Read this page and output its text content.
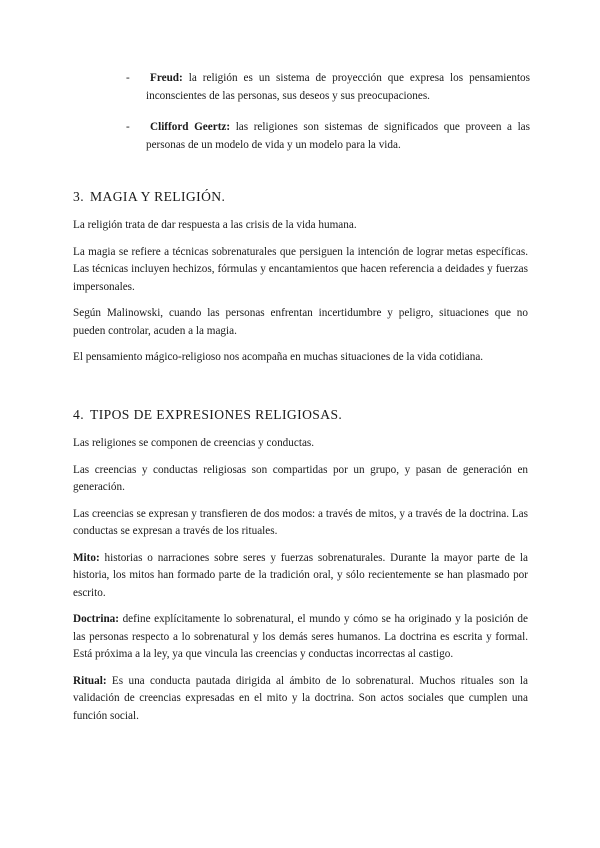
- Freud: la religión es un sistema de proyección que expresa los pensamientos inconscientes de las personas, sus deseos y sus preocupaciones.
- Clifford Geertz: las religiones son sistemas de significados que proveen a las personas de un modelo de vida y un modelo para la vida.
3. MAGIA Y RELIGIÓN.

La religión trata de dar respuesta a las crisis de la vida humana.

La magia se refiere a técnicas sobrenaturales que persiguen la intención de lograr metas específicas. Las técnicas incluyen hechizos, fórmulas y encantamientos que hacen referencia a deidades y fuerzas impersonales.

Según Malinowski, cuando las personas enfrentan incertidumbre y peligro, situaciones que no pueden controlar, acuden a la magia.

El pensamiento mágico-religioso nos acompaña en muchas situaciones de la vida cotidiana.

4. TIPOS DE EXPRESIONES RELIGIOSAS.

Las religiones se componen de creencias y conductas.

Las creencias y conductas religiosas son compartidas por un grupo, y pasan de generación en generación.

Las creencias se expresan y transfieren de dos modos: a través de mitos, y a través de la doctrina. Las conductas se expresan a través de los rituales.

Mito: historias o narraciones sobre seres y fuerzas sobrenaturales. Durante la mayor parte de la historia, los mitos han formado parte de la tradición oral, y sólo recientemente se han plasmado por escrito.

Doctrina: define explícitamente lo sobrenatural, el mundo y cómo se ha originado y la posición de las personas respecto a lo sobrenatural y los demás seres humanos. La doctrina es escrita y formal. Está próxima a la ley, ya que vincula las creencias y conductas incorrectas al castigo.

Ritual: Es una conducta pautada dirigida al ámbito de lo sobrenatural. Muchos rituales son la validación de creencias expresadas en el mito y la doctrina. Son actos sociales que cumplen una función social.
